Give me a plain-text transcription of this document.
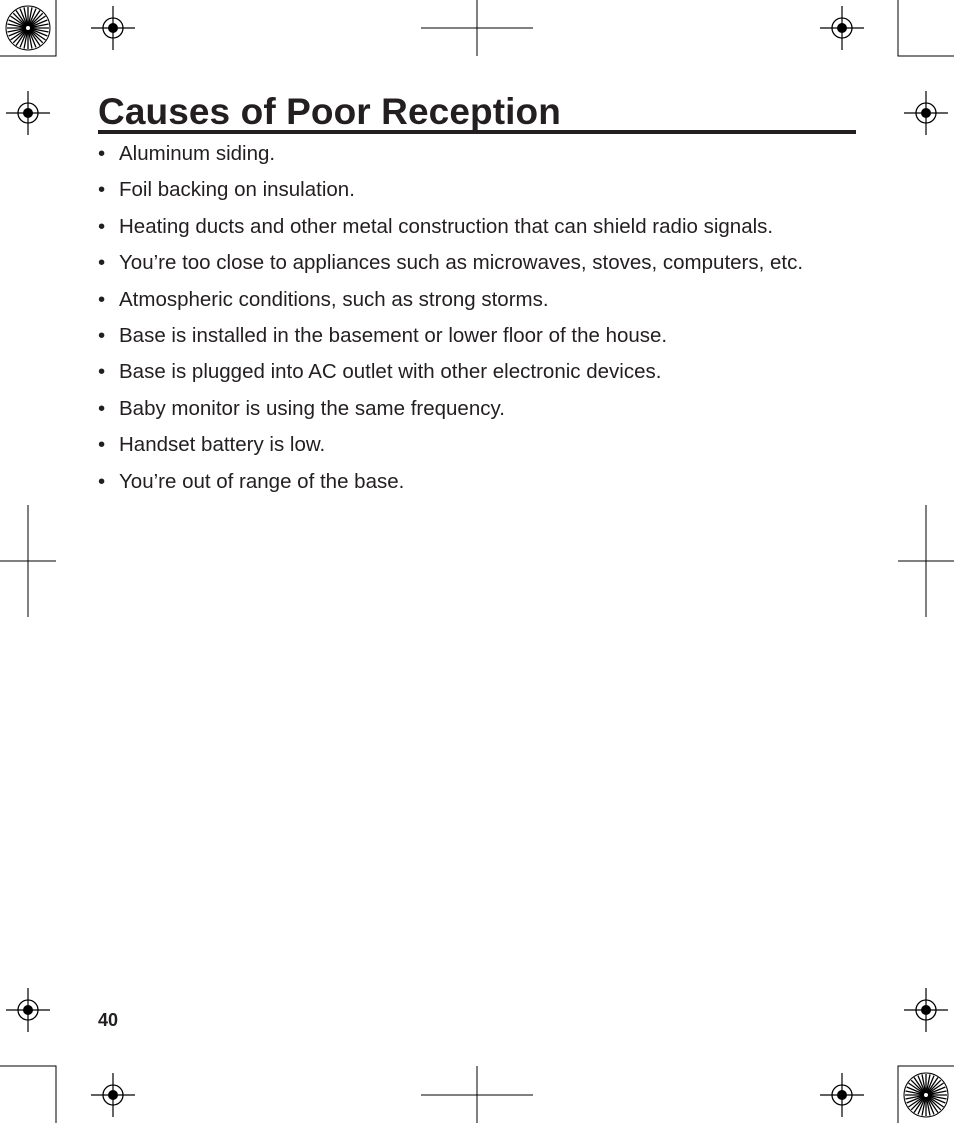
Causes of Poor Reception
• Aluminum siding.
• Foil backing on insulation.
• Heating ducts and other metal construction that can shield radio signals.
• You’re too close to appliances such as microwaves, stoves, computers, etc.
• Atmospheric conditions, such as strong storms.
• Base is installed in the basement or lower floor of the house.
• Base is plugged into AC outlet with other electronic devices.
• Baby monitor is using the same frequency.
• Handset battery is low.
• You’re out of range of the base.
40
